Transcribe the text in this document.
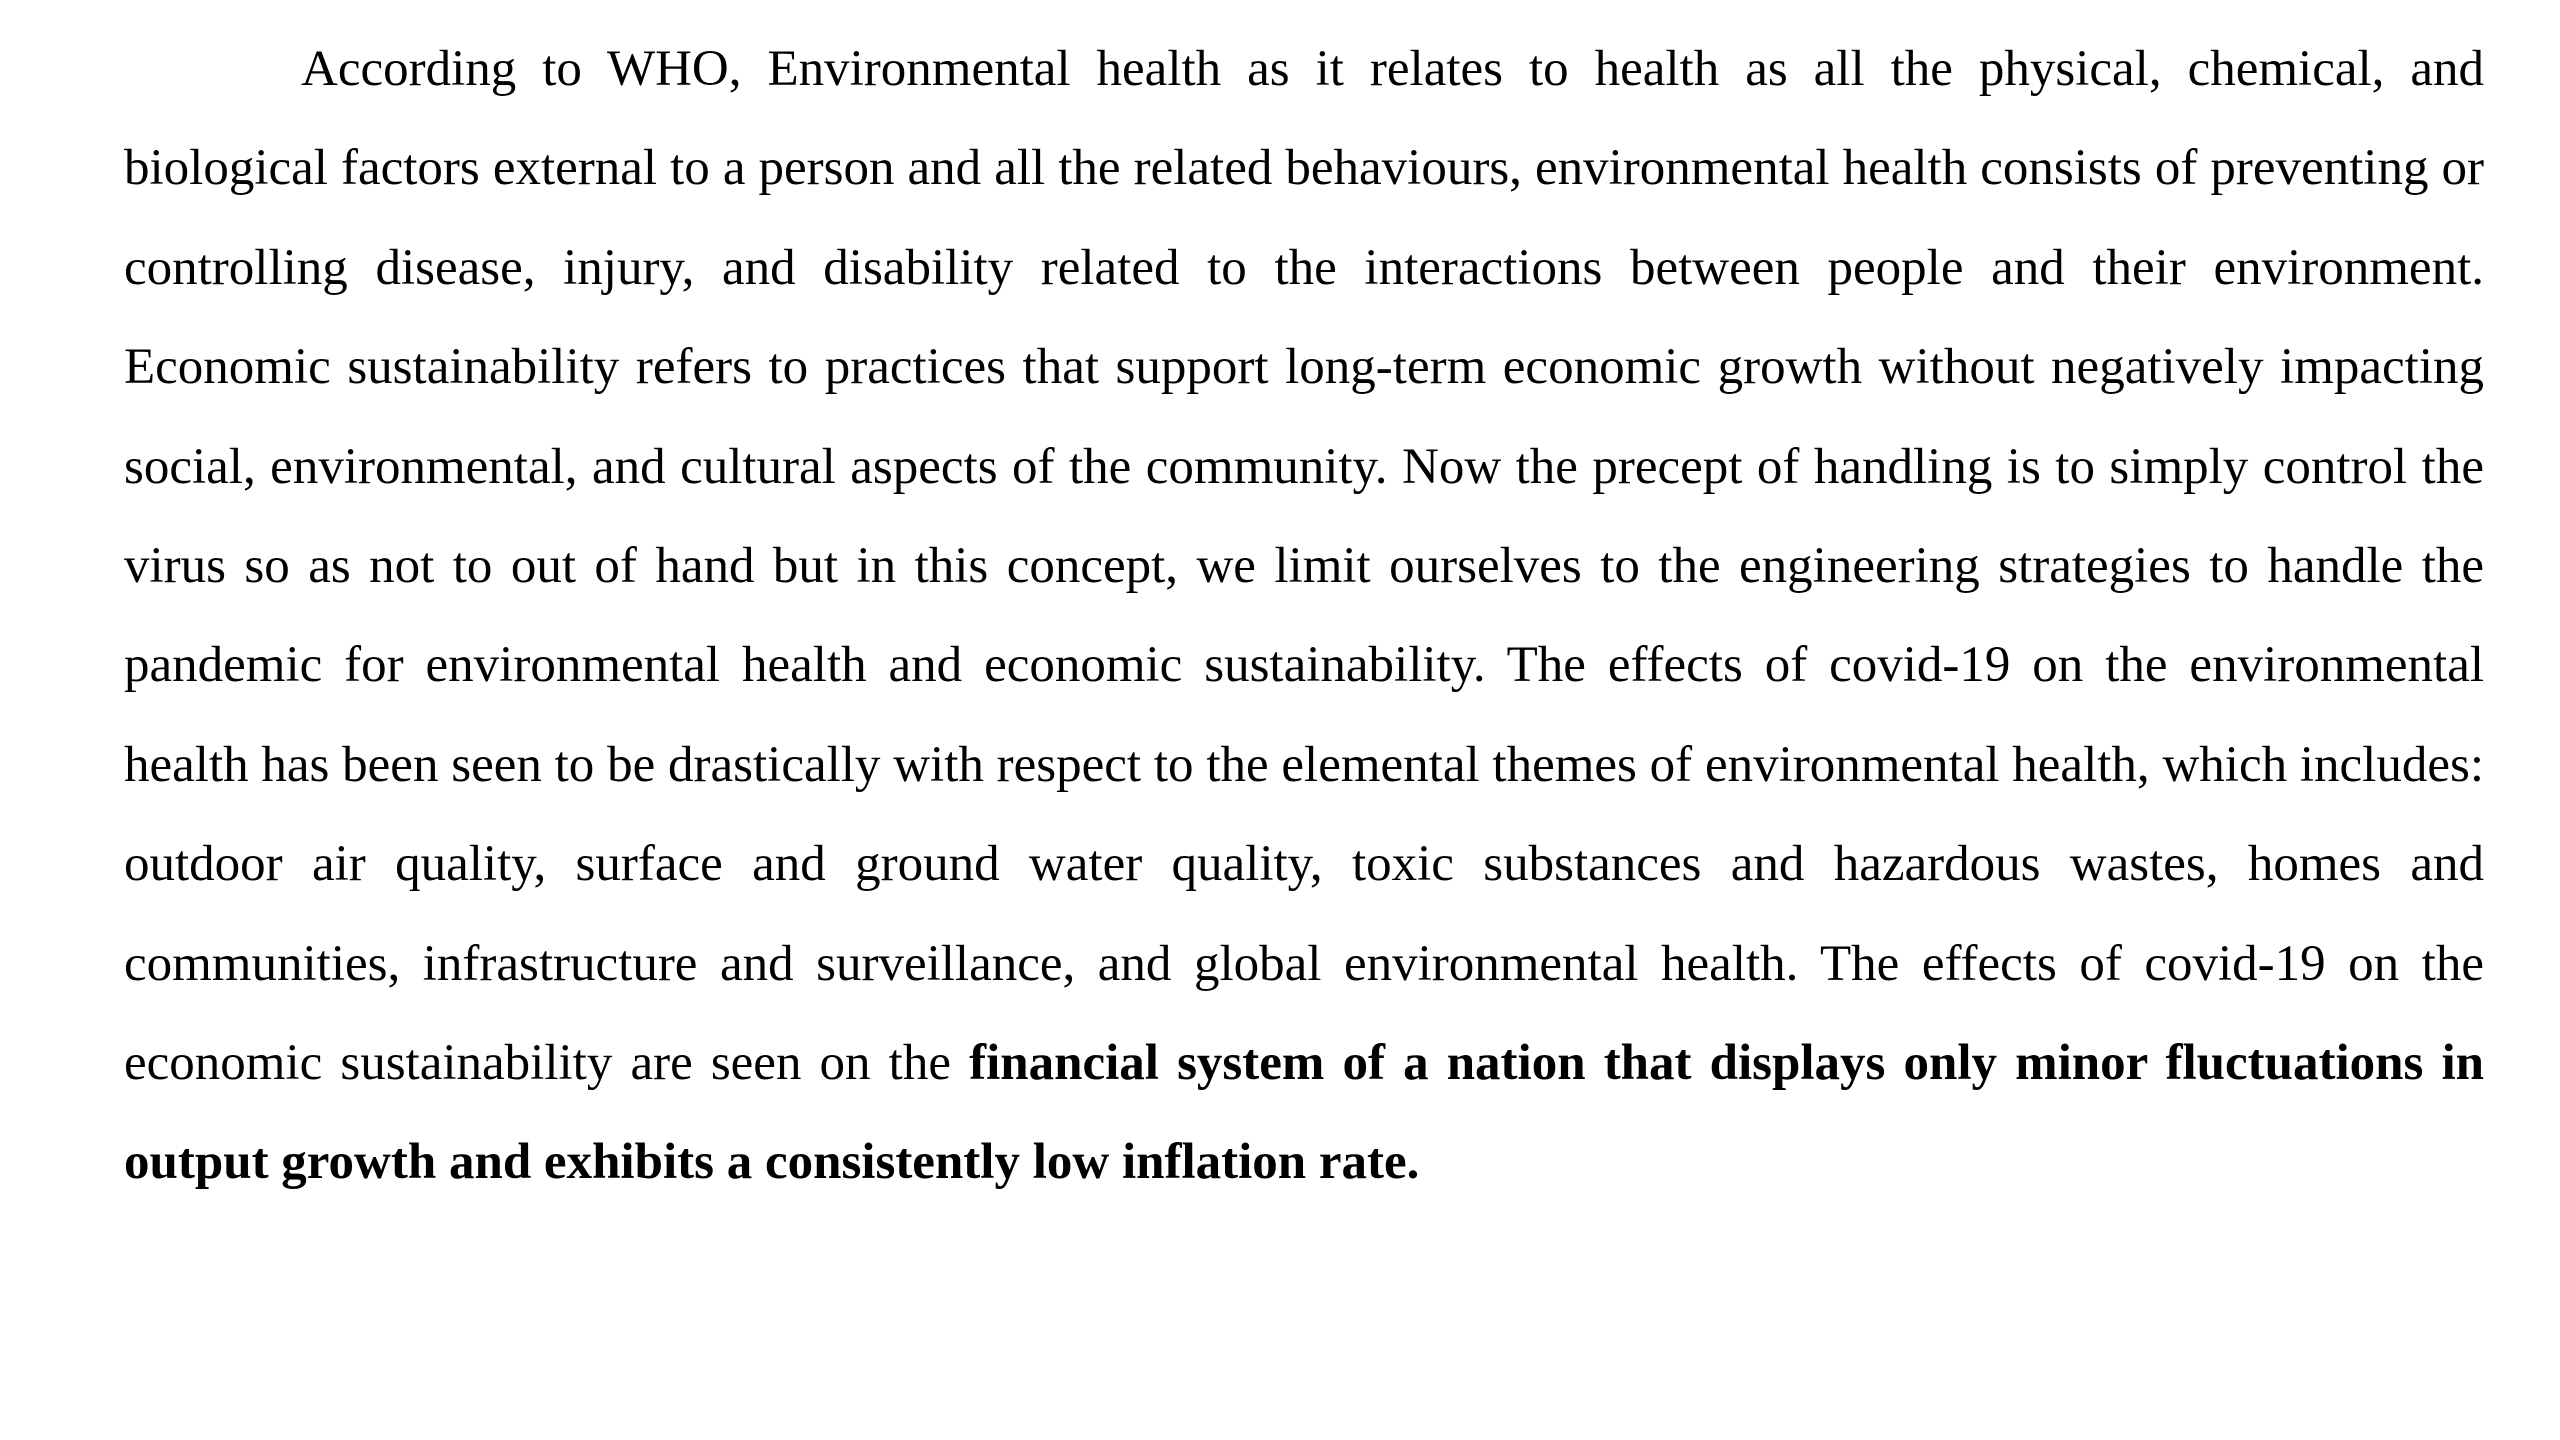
According to WHO, Environmental health as it relates to health as all the physical, chemical, and biological factors external to a person and all the related behaviours, environmental health consists of preventing or controlling disease, injury, and disability related to the interactions between people and their environment. Economic sustainability refers to practices that support long-term economic growth without negatively impacting social, environmental, and cultural aspects of the community. Now the precept of handling is to simply control the virus so as not to out of hand but in this concept, we limit ourselves to the engineering strategies to handle the pandemic for environmental health and economic sustainability. The effects of covid-19 on the environmental health has been seen to be drastically with respect to the elemental themes of environmental health, which includes: outdoor air quality, surface and ground water quality, toxic substances and hazardous wastes, homes and communities, infrastructure and surveillance, and global environmental health. The effects of covid-19 on the economic sustainability are seen on the financial system of a nation that displays only minor fluctuations in output growth and exhibits a consistently low inflation rate.
